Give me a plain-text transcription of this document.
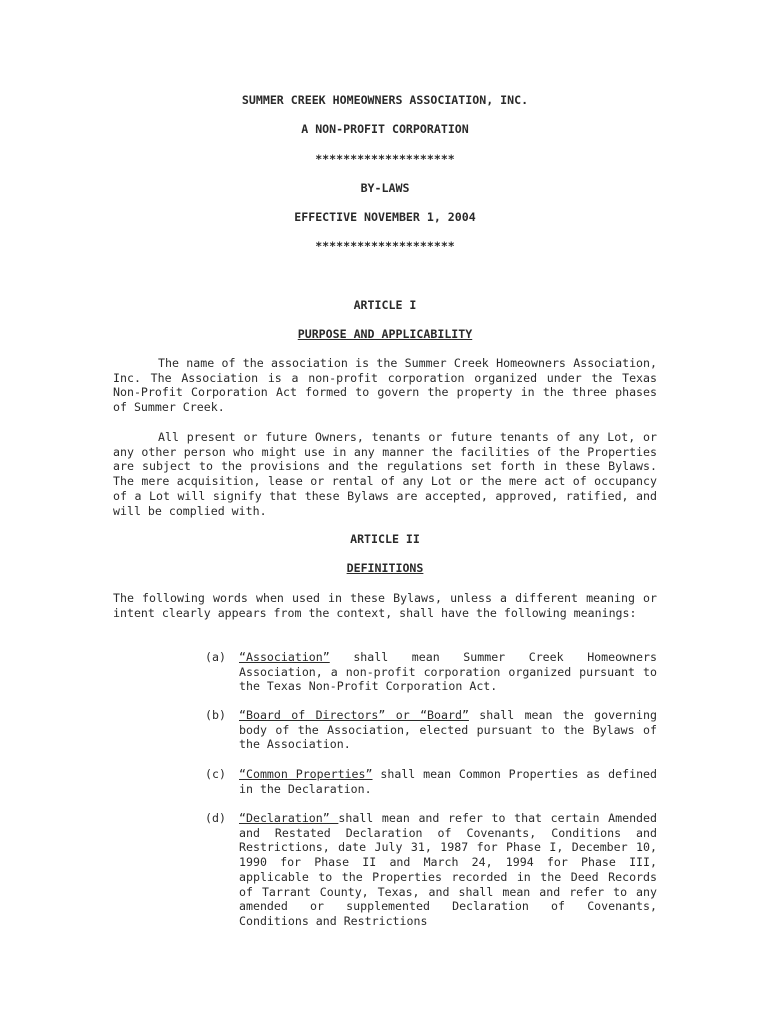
SUMMER CREEK HOMEOWNERS ASSOCIATION, INC.
A NON-PROFIT CORPORATION
********************
BY-LAWS
EFFECTIVE NOVEMBER 1, 2004
********************
ARTICLE I
PURPOSE AND APPLICABILITY
The name of the association is the Summer Creek Homeowners Association, Inc. The Association is a non-profit corporation organized under the Texas Non-Profit Corporation Act formed to govern the property in the three phases of Summer Creek.
All present or future Owners, tenants or future tenants of any Lot, or any other person who might use in any manner the facilities of the Properties are subject to the provisions and the regulations set forth in these Bylaws. The mere acquisition, lease or rental of any Lot or the mere act of occupancy of a Lot will signify that these Bylaws are accepted, approved, ratified, and will be complied with.
ARTICLE II
DEFINITIONS
The following words when used in these Bylaws, unless a different meaning or intent clearly appears from the context, shall have the following meanings:
(a)	“Association” shall mean Summer Creek Homeowners Association, a non-profit corporation organized pursuant to the Texas Non-Profit Corporation Act.
(b)	“Board of Directors” or “Board” shall mean the governing body of the Association, elected pursuant to the Bylaws of the Association.
(c)	“Common Properties” shall mean Common Properties as defined in the Declaration.
(d)	“Declaration” shall mean and refer to that certain Amended and Restated Declaration of Covenants, Conditions and Restrictions, date July 31, 1987 for Phase I, December 10, 1990 for Phase II and March 24, 1994 for Phase III, applicable to the Properties recorded in the Deed Records of Tarrant County, Texas, and shall mean and refer to any amended or supplemented Declaration of Covenants, Conditions and Restrictions
